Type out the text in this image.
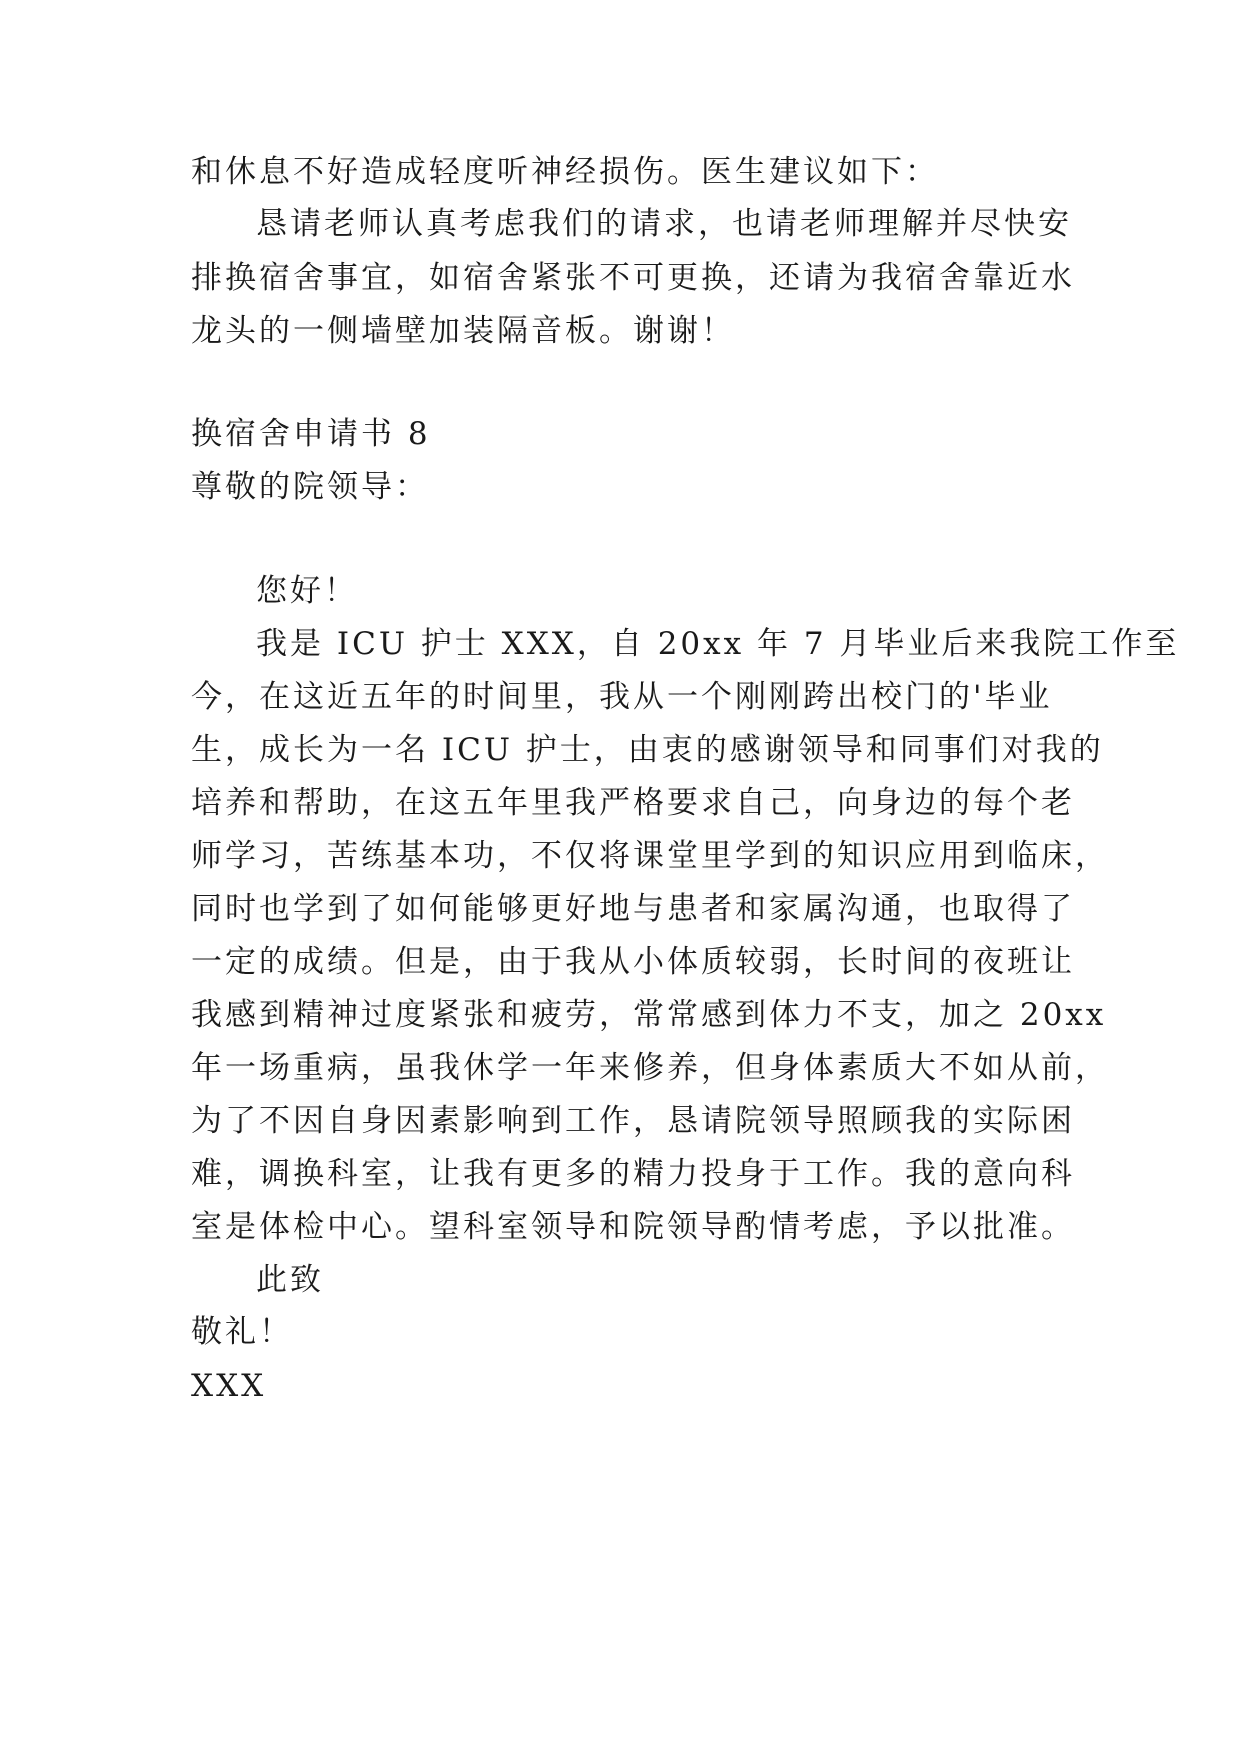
和休息不好造成轻度听神经损伤。医生建议如下：
恳请老师认真考虑我们的请求，也请老师理解并尽快安
排换宿舍事宜，如宿舍紧张不可更换，还请为我宿舍靠近水
龙头的一侧墙壁加装隔音板。谢谢！
换宿舍申请书 8
尊敬的院领导：
您好！
我是 ICU 护士 XXX，自 20xx 年 7 月毕业后来我院工作至
今，在这近五年的时间里，我从一个刚刚跨出校门的'毕业
生，成长为一名 ICU 护士，由衷的感谢领导和同事们对我的
培养和帮助，在这五年里我严格要求自己，向身边的每个老
师学习，苦练基本功，不仅将课堂里学到的知识应用到临床，
同时也学到了如何能够更好地与患者和家属沟通，也取得了
一定的成绩。但是，由于我从小体质较弱，长时间的夜班让
我感到精神过度紧张和疲劳，常常感到体力不支，加之 20xx
年一场重病，虽我休学一年来修养，但身体素质大不如从前，
为了不因自身因素影响到工作，恳请院领导照顾我的实际困
难，调换科室，让我有更多的精力投身于工作。我的意向科
室是体检中心。望科室领导和院领导酌情考虑，予以批准。
此致
敬礼！
XXX
